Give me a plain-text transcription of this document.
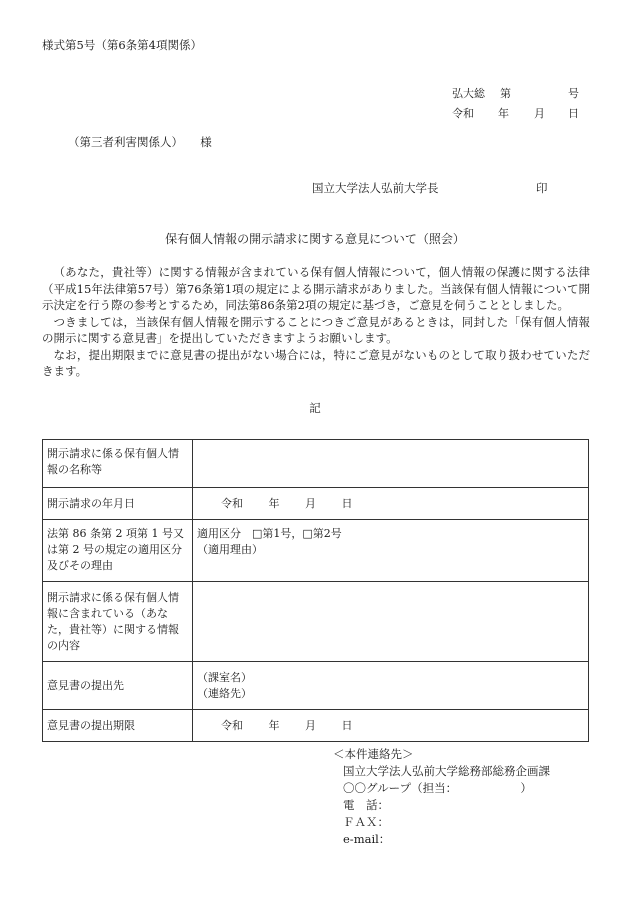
様式第5号（第6条第4項関係）
弘大総 第	号
令和 年 月 日
（第三者利害関係人）　　様
国立大学法人弘前大学長	印
保有個人情報の開示請求に関する意見について（照会）

（あなた，貴社等）に関する情報が含まれている保有個人情報について，個人情報の保護に関する法律（平成15年法律第57号）第76条第1項の規定による開示請求がありました。当該保有個人情報について開示決定を行う際の参考とするため，同法第86条第2項の規定に基づき，ご意見を伺うこととしました。

つきましては，当該保有個人情報を開示することにつきご意見があるときは，同封した「保有個人情報の開示に関する意見書」を提出していただきますようお願いします。

なお，提出期限までに意見書の提出がない場合には，特にご意見がないものとして取り扱わせていただきます。

記
開示請求に係る保有個人情報の名称等	
開示請求の年月日	令和 年 月 日
法第 86 条第 2 項第 1 号又は第 2 号の規定の適用区分及びその理由	適用区分　□第1号，□第2号
（適用理由）

開示請求に係る保有個人情報に含まれている（あなた，貴社等）に関する情報の内容	
意見書の提出先	（課室名）
（連絡先）

意見書の提出期限	令和 年 月 日
＜本件連絡先＞
国立大学法人弘前大学総務部総務企画課
〇〇グループ（担当：　　　　　　）
電　話：
ＦＡＸ：
e-mail：
